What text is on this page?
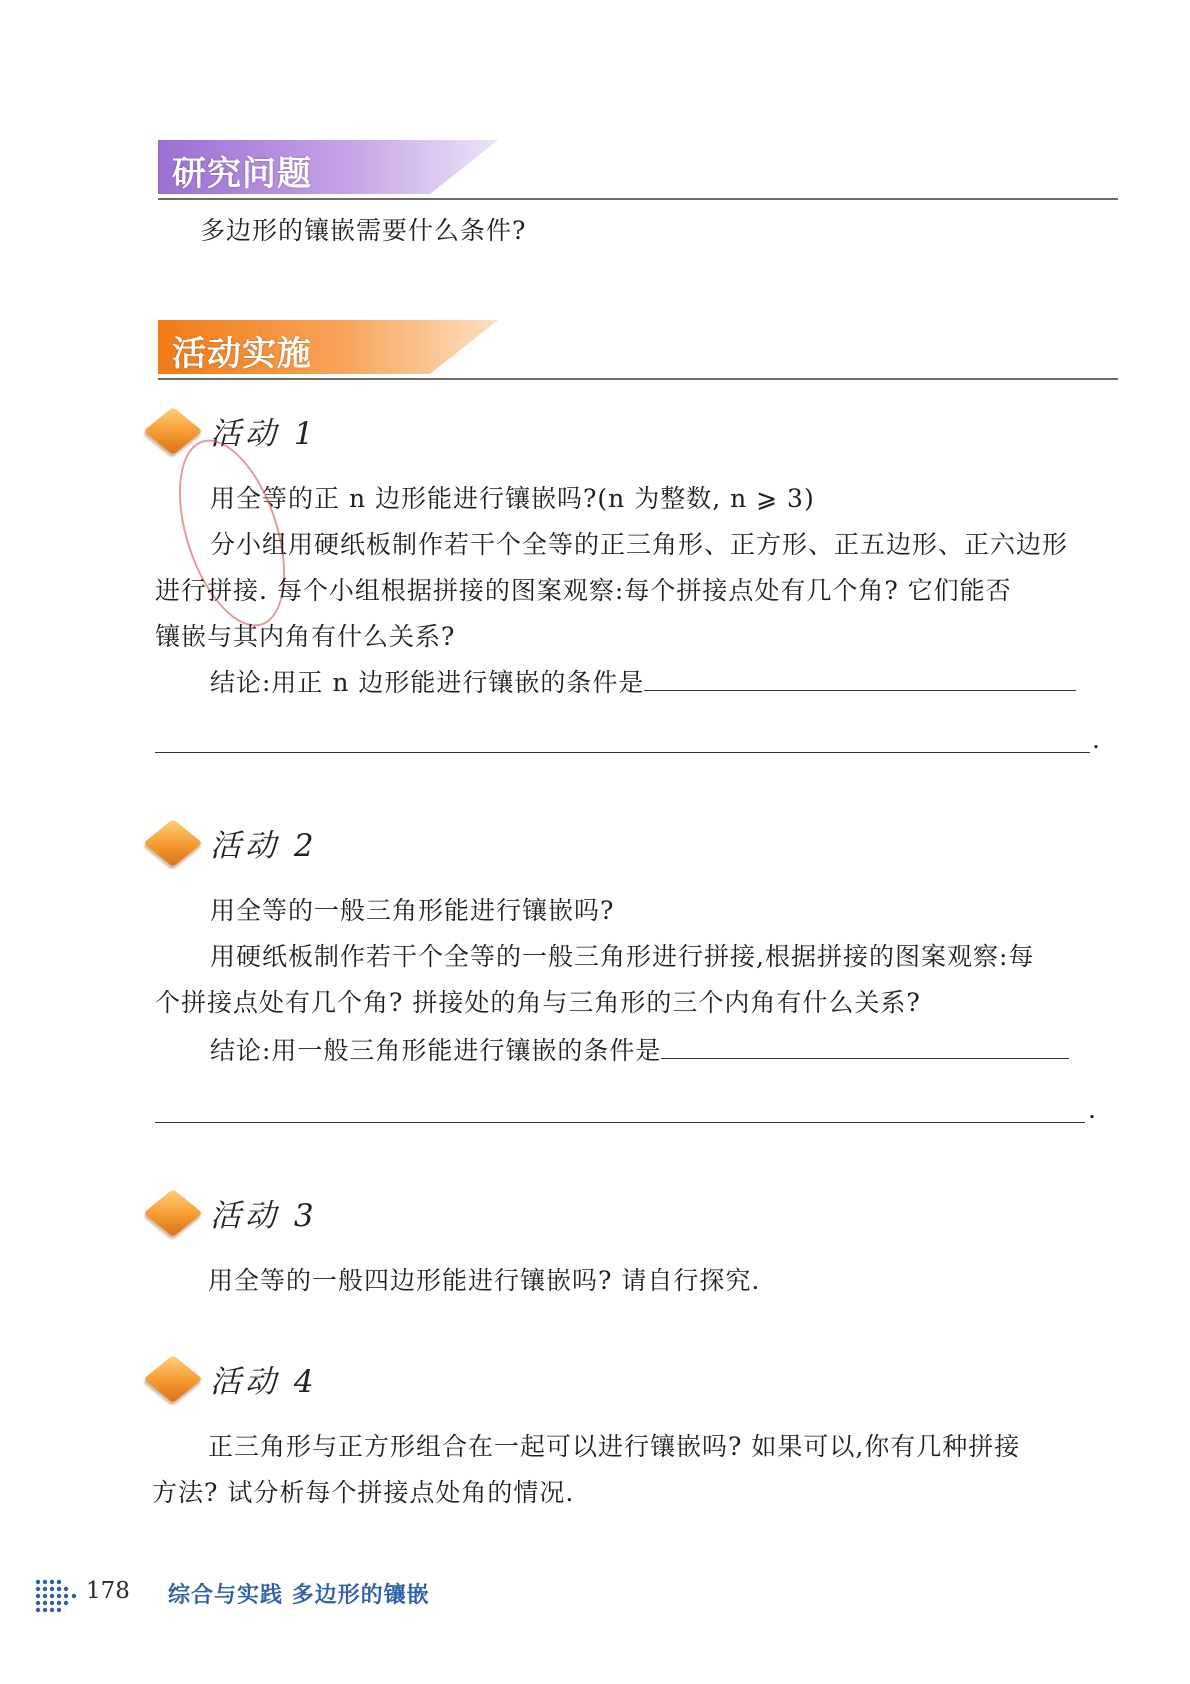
研究问题

多边形的镶嵌需要什么条件?

活动实施
活动 1

用全等的正 n 边形能进行镶嵌吗?(n 为整数, n ⩾ 3)

分小组用硬纸板制作若干个全等的正三角形、正方形、正五边形、正六边形

进行拼接. 每个小组根据拼接的图案观察:每个拼接点处有几个角? 它们能否

镶嵌与其内角有什么关系?

结论:用正 n 边形能进行镶嵌的条件是

.
活动 2

用全等的一般三角形能进行镶嵌吗?

用硬纸板制作若干个全等的一般三角形进行拼接,根据拼接的图案观察:每

个拼接点处有几个角? 拼接处的角与三角形的三个内角有什么关系?

结论:用一般三角形能进行镶嵌的条件是

.
活动 3

用全等的一般四边形能进行镶嵌吗? 请自行探究.

活动 4

正三角形与正方形组合在一起可以进行镶嵌吗? 如果可以,你有几种拼接

方法? 试分析每个拼接点处角的情况.

178 综合与实践 多边形的镶嵌
